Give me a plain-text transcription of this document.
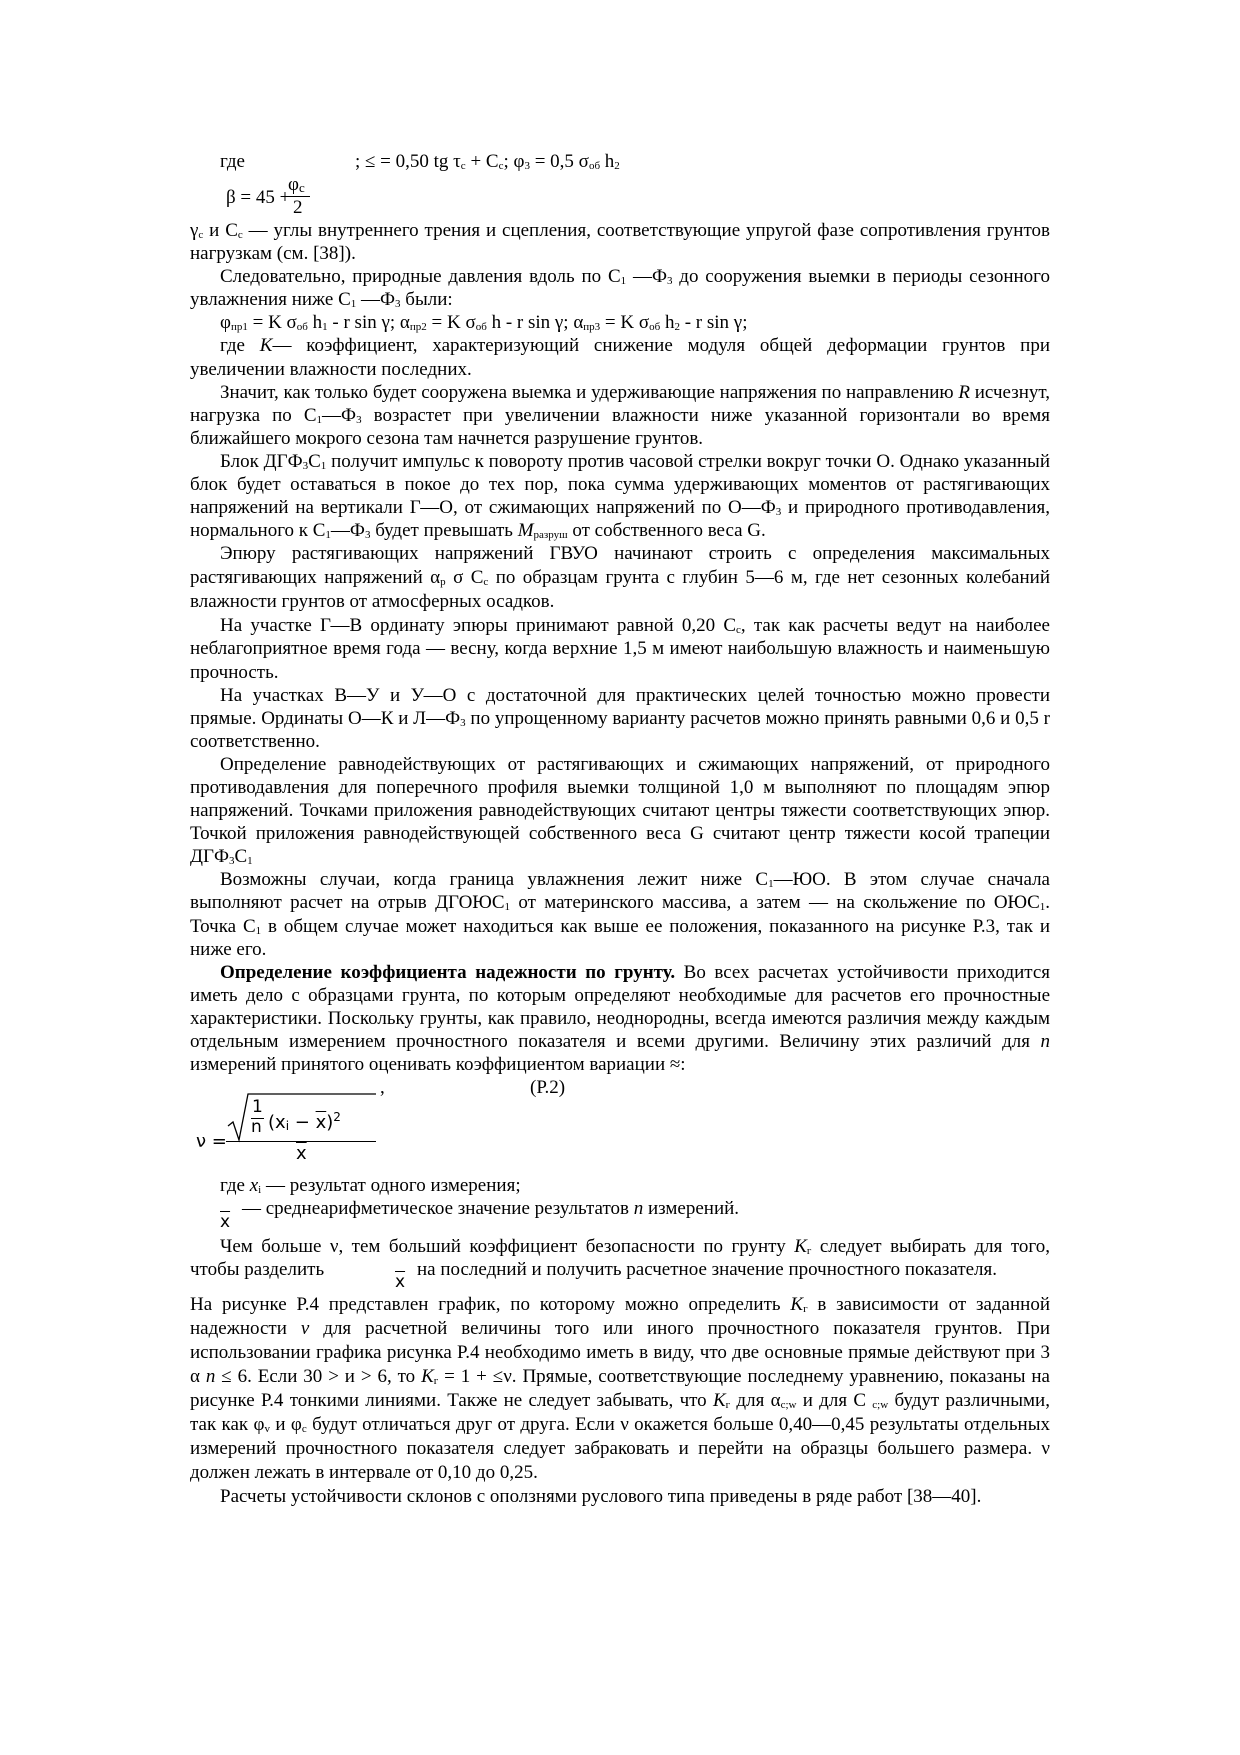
где	; ≤ = 0,50 tg $\tau_c + C_c$; $\varphi_3 = 0,5$ $\sigma_{об}$ $h_2$

β = 45 +
$\varphi_c$
2

$\gamma_c$ и $C_c$ — углы внутреннего трения и сцепления, соответствующие упругой фазе сопротивления грунтов нагрузкам (см. [38]).

Следовательно, природные давления вдоль по $C_1$ $—Ф_3$ до сооружения выемки в периоды сезонного увлажнения ниже $C_1$ $—Ф_3$ были:

$\varphi_{пр1} = K$ $\sigma_{об}$ $h_1$ - r sin γ; $\alpha_{пр2} = K$ $\sigma_{об}$ h - r sin γ; $\alpha_{пр3} = K$ $\sigma_{об}$ $h_2$ - r sin γ;

где K— коэффициент, характеризующий снижение модуля общей деформации грунтов при увеличении влажности последних.

Значит, как только будет сооружена выемка и удерживающие напряжения по направлению R исчезнут, нагрузка по $C_1—Ф_3$ возрастет при увеличении влажности ниже указанной горизонтали во время ближайшего мокрого сезона там начнется разрушение грунтов.

Блок $ДГФ_3C_1$ получит импульс к повороту против часовой стрелки вокруг точки O. Однако указанный блок будет оставаться в покое до тех пор, пока сумма удерживающих моментов от растягивающих напряжений на вертикали Г—O, от сжимающих напряжений по $O—Ф_3$ и природного противодавления, нормального к $C_1—Ф_3$ будет превышать $M_{разруш}$ от собственного веса G.

Эпюру растягивающих напряжений ГВУО начинают строить с определения максимальных растягивающих напряжений $\alpha_р$ σ $C_c$ по образцам грунта с глубин 5—6 м, где нет сезонных колебаний влажности грунтов от атмосферных осадков.

На участке Г—В ординату эпюры принимают равной 0,20 $C_c$, так как расчеты ведут на наиболее неблагоприятное время года — весну, когда верхние 1,5 м имеют наибольшую влажность и наименьшую прочность.

На участках В—У и У—O с достаточной для практических целей точностью можно провести прямые. Ординаты O—К и $Л—Ф_3$ по упрощенному варианту расчетов можно принять равными 0,6 и 0,5 r соответственно.

Определение равнодействующих от растягивающих и сжимающих напряжений, от природного противодавления для поперечного профиля выемки толщиной 1,0 м выполняют по площадям эпюр напряжений. Точками приложения равнодействующих считают центры тяжести соответствующих эпюр. Точкой приложения равнодействующей собственного веса G считают центр тяжести косой трапеции $ДГФ_3C_1$

Возможны случаи, когда граница увлажнения лежит ниже $C_1—ЮO$. В этом случае сначала выполняют расчет на отрыв $ДГОЮC_1$ от материнского массива, а затем — на скольжение по $OЮC_1$. Точка $C_1$ в общем случае может находиться как выше ее положения, показанного на рисунке Р.3, так и ниже его.

Определение коэффициента надежности по грунту. Во всех расчетах устойчивости приходится иметь дело с образцами грунта, по которым определяют необходимые для расчетов его прочностные характеристики. Поскольку грунты, как правило, неоднородны, всегда имеются различия между каждым отдельным измерением прочностного показателя и всеми другими. Величину этих различий для n измерений принятого оценивать коэффициентом вариации ≈:

,	(Р.2)
ν =
1
n $(x_i - \overline{x})^2$
$\overline{x}$

где $x_i$ — результат одного измерения;

$\overline{x}$
— среднеарифметическое значение результатов n измерений.

Чем больше ν, тем больший коэффициент безопасности по грунту $K_г$ следует выбирать для того, чтобы разделить

$\overline{x}$

на последний и получить расчетное значение прочностного показателя.

На рисунке Р.4 представлен график, по которому можно определить $K_г$ в зависимости от заданной надежности ν для расчетной величины того или иного прочностного показателя грунтов. При использовании графика рисунка Р.4 необходимо иметь в виду, что две основные прямые действуют при 3 α n ≤ 6. Если 30 > и > 6, то $K_г = 1 + \le\nu$. Прямые, соответствующие последнему уравнению, показаны на рисунке Р.4 тонкими линиями. Также не следует забывать, что $K_г$ для $\alpha_{c;w}$ и для C $_{c;w}$ будут различными, так как $\varphi_v$ и $\varphi_c$ будут отличаться друг от друга. Если ν окажется больше 0,40—0,45 результаты отдельных измерений прочностного показателя следует забраковать и перейти на образцы большего размера. ν должен лежать в интервале от 0,10 до 0,25.

Расчеты устойчивости склонов с оползнями руслового типа приведены в ряде работ [38—40].
